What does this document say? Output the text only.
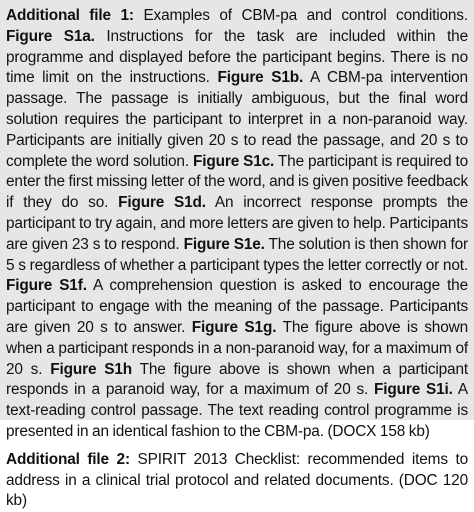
Additional file 1: Examples of CBM-pa and control conditions. Figure S1a. Instructions for the task are included within the programme and displayed before the participant begins. There is no time limit on the instructions. Figure S1b. A CBM-pa intervention passage. The passage is initially ambiguous, but the final word solution requires the participant to interpret in a non-paranoid way. Participants are initially given 20 s to read the passage, and 20 s to complete the word solution. Figure S1c. The participant is required to enter the first missing letter of the word, and is given positive feedback if they do so. Figure S1d. An incorrect response prompts the participant to try again, and more letters are given to help. Participants are given 23 s to respond. Figure S1e. The solution is then shown for 5 s regardless of whether a participant types the letter correctly or not. Figure S1f. A comprehension question is asked to encourage the participant to engage with the meaning of the passage. Participants are given 20 s to answer. Figure S1g. The figure above is shown when a participant responds in a non-paranoid way, for a maximum of 20 s. Figure S1h The figure above is shown when a participant responds in a paranoid way, for a maximum of 20 s. Figure S1i. A text-reading control passage. The text reading control programme is presented in an identical fashion to the CBM-pa. (DOCX 158 kb)

Additional file 2: SPIRIT 2013 Checklist: recommended items to address in a clinical trial protocol and related documents. (DOC 120 kb)
